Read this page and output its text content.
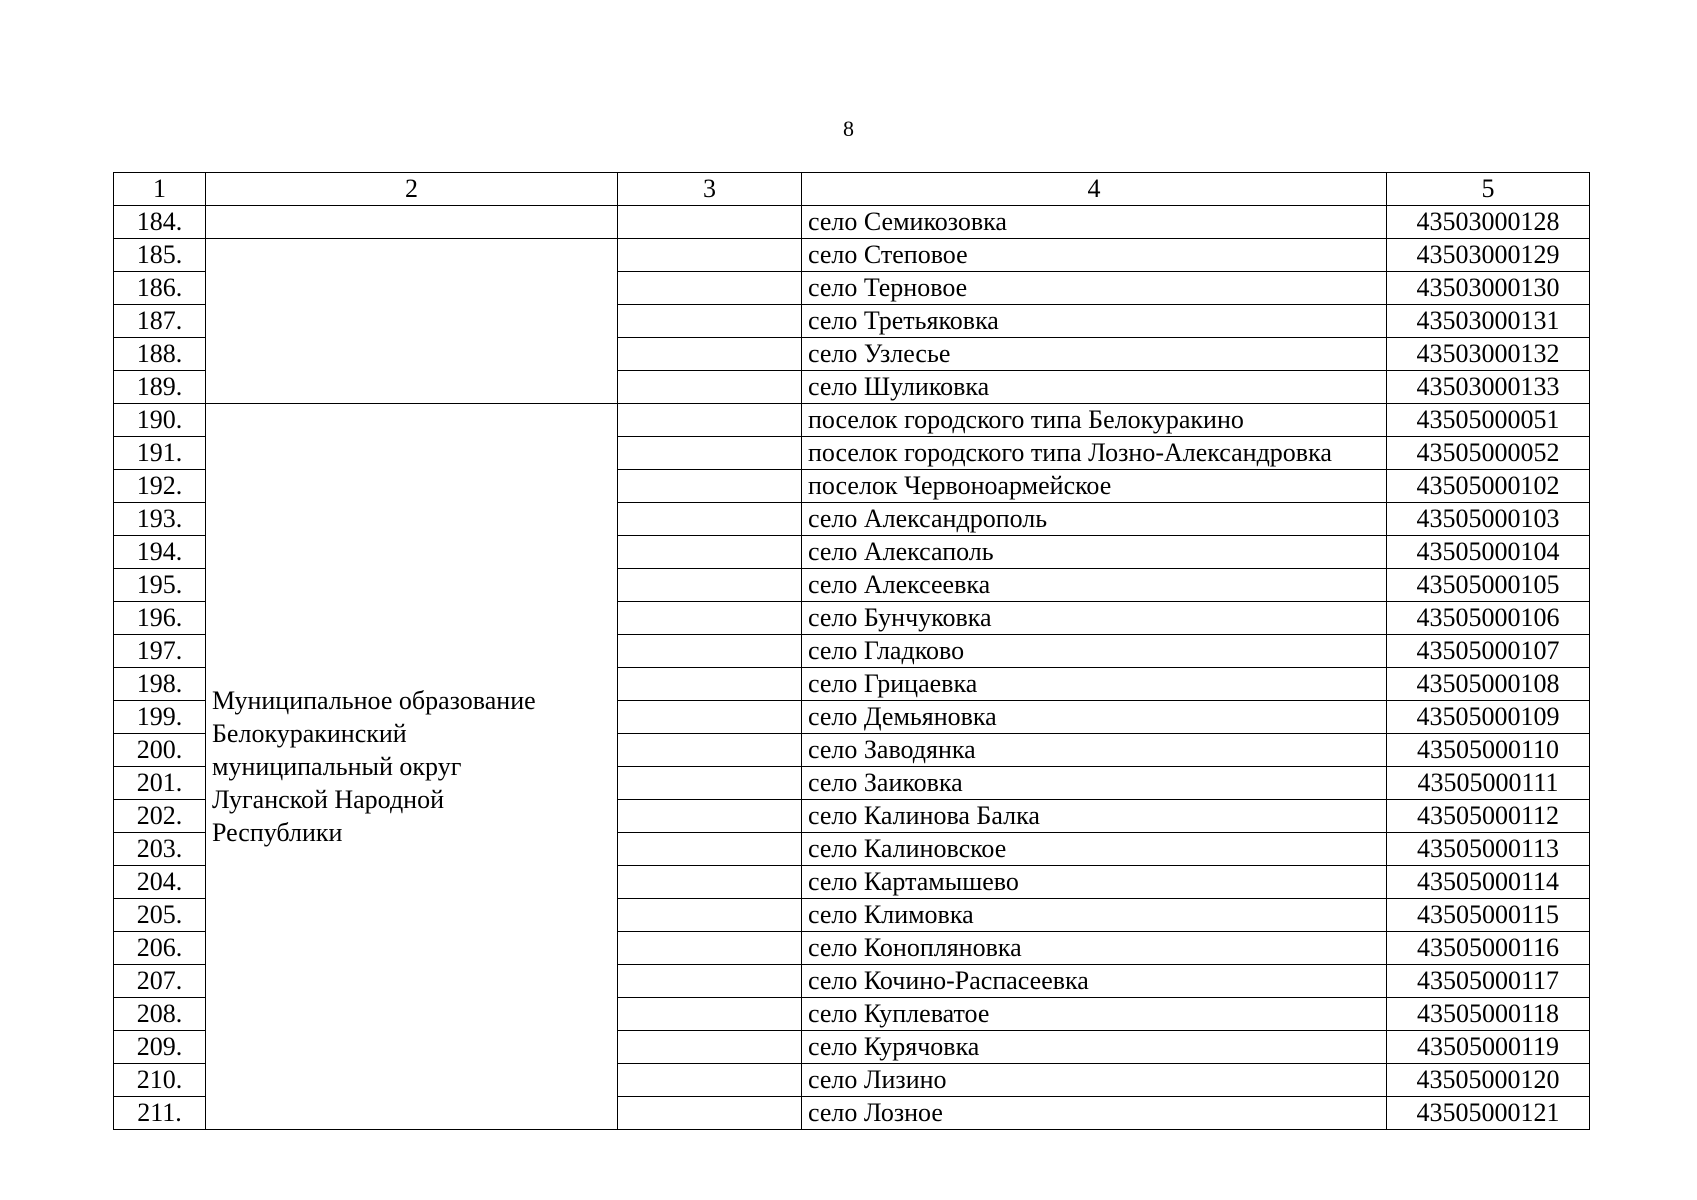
8
1	2	3	4	5
184.			село Семикозовка	43503000128
185.			село Степовое	43503000129
186.			село Терновое	43503000130
187.			село Третьяковка	43503000131
188.			село Узлесье	43503000132
189.			село Шуликовка	43503000133
190.	Муниципальное образование
Белокуракинский
муниципальный округ
Луганской Народной
Республики		поселок городского типа Белокуракино	43505000051
191.			поселок городского типа Лозно-Александровка	43505000052
192.			поселок Червоноармейское	43505000102
193.			село Александрополь	43505000103
194.			село Алексаполь	43505000104
195.			село Алексеевка	43505000105
196.			село Бунчуковка	43505000106
197.			село Гладково	43505000107
198.			село Грицаевка	43505000108
199.			село Демьяновка	43505000109
200.			село Заводянка	43505000110
201.			село Заиковка	43505000111
202.			село Калинова Балка	43505000112
203.			село Калиновское	43505000113
204.			село Картамышево	43505000114
205.			село Климовка	43505000115
206.			село Коноплянoвка	43505000116
207.			село Кочино-Распасеевка	43505000117
208.			село Куплеватое	43505000118
209.			село Курячовка	43505000119
210.			село Лизино	43505000120
211.			село Лозное	43505000121
